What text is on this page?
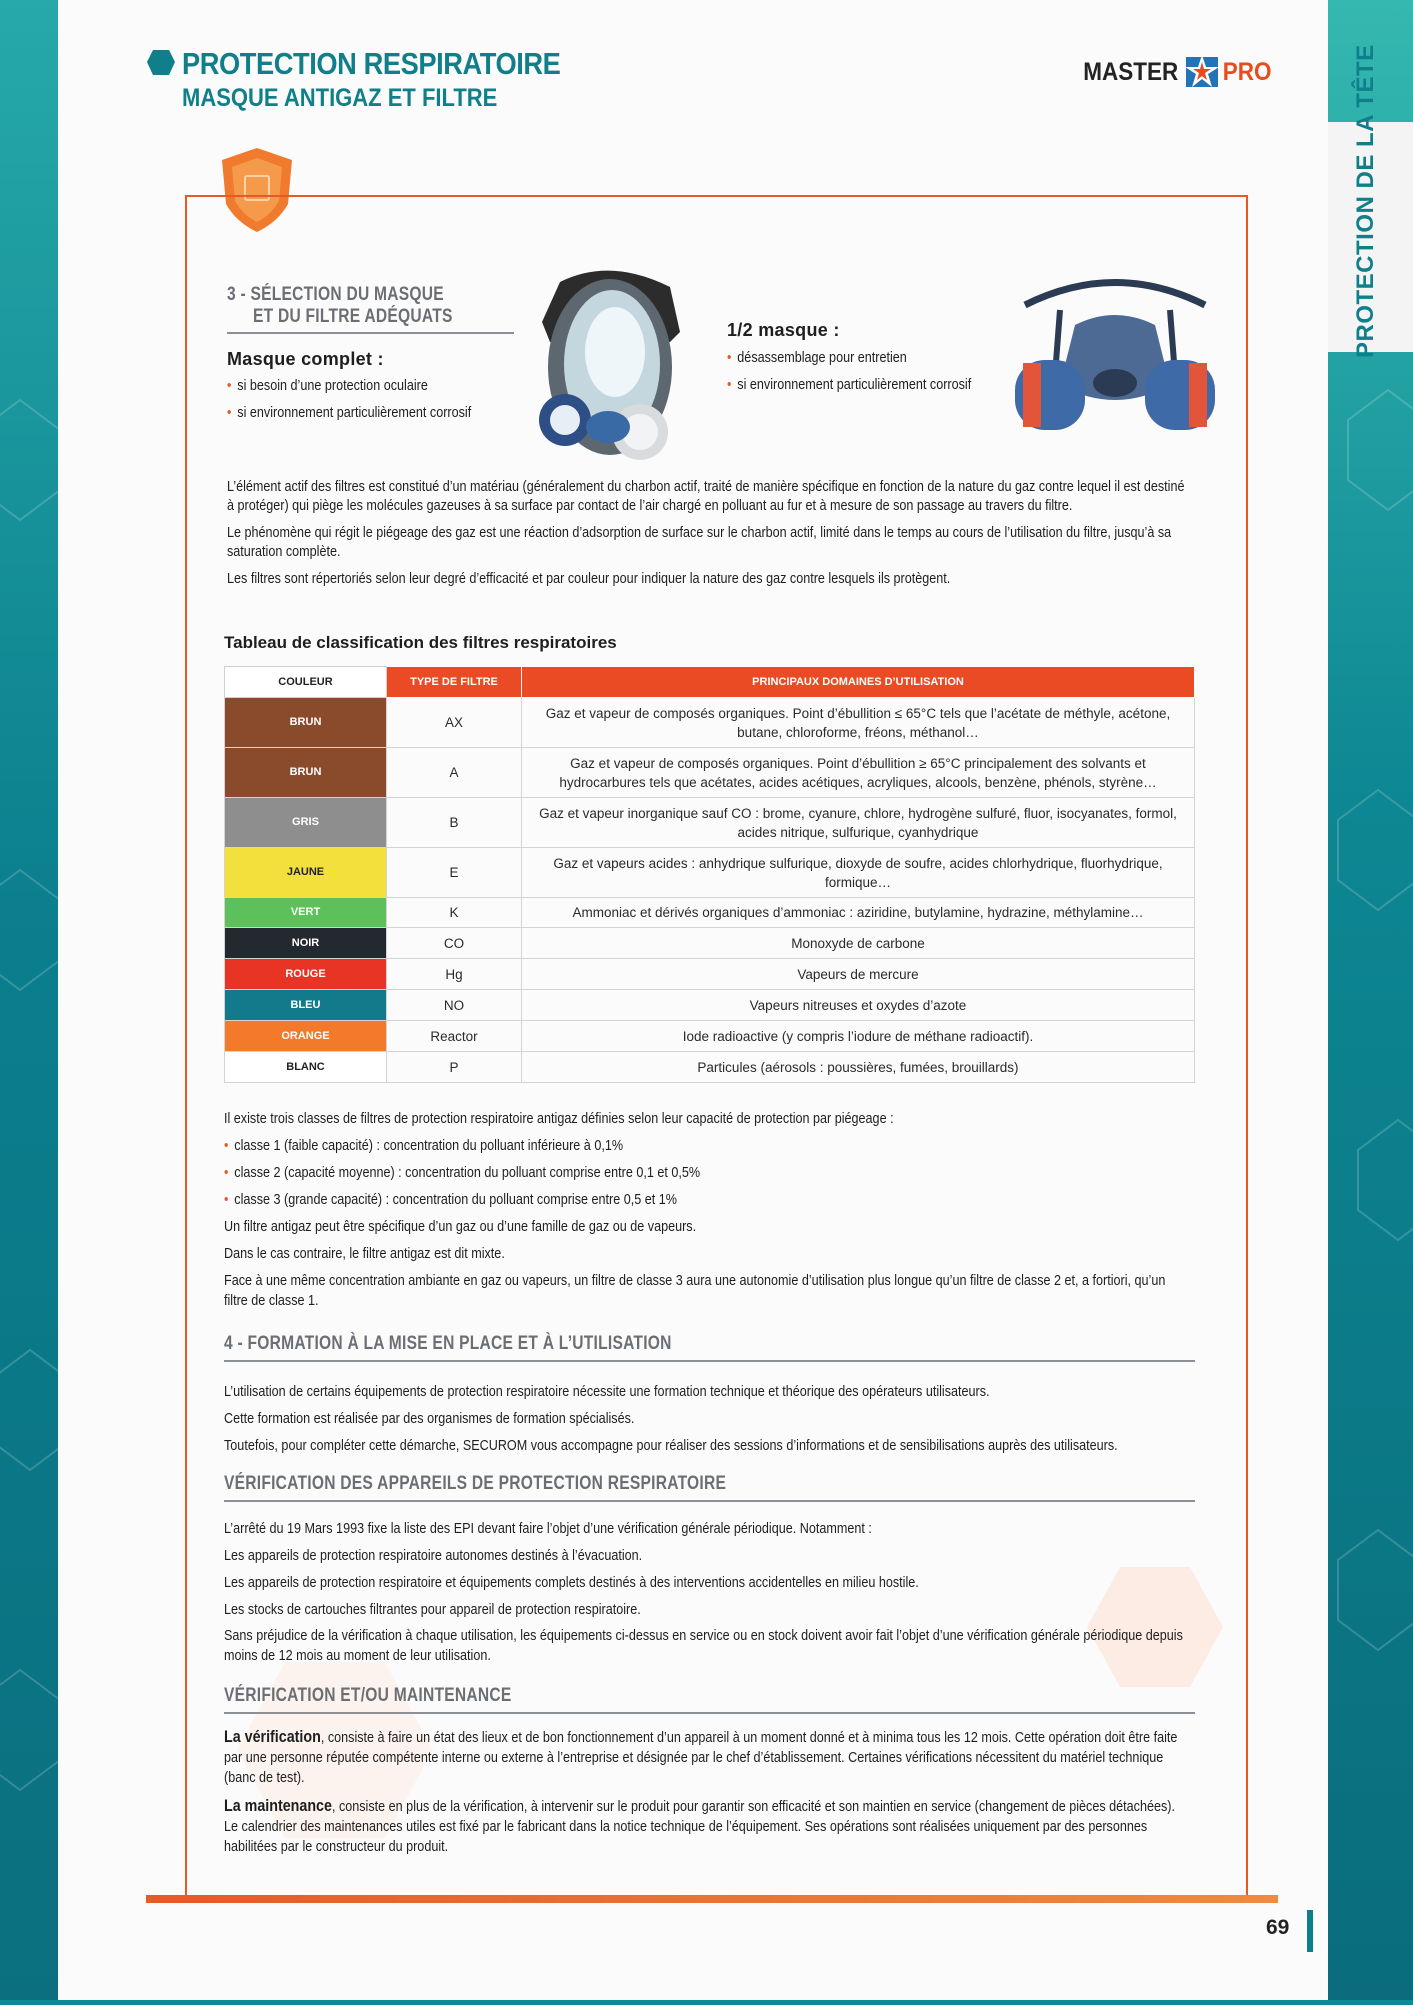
PROTECTION DE LA TÊTE
PROTECTION RESPIRATOIRE
MASQUE ANTIGAZ ET FILTRE
MASTER PRO
3 - SÉLECTION DU MASQUE
ET DU FILTRE ADÉQUATS
Masque complet :
• si besoin d’une protection oculaire
• si environnement particulièrement corrosif
1/2 masque :
• désassemblage pour entretien
• si environnement particulièrement corrosif

L’élément actif des filtres est constitué d’un matériau (généralement du charbon actif, traité de manière spécifique en fonction de la nature du gaz contre lequel il est destiné à protéger) qui piège les molécules gazeuses à sa surface par contact de l’air chargé en polluant au fur et à mesure de son passage au travers du filtre.

Le phénomène qui régit le piégeage des gaz est une réaction d’adsorption de surface sur le charbon actif, limité dans le temps au cours de l’utilisation du filtre, jusqu’à sa saturation complète.

Les filtres sont répertoriés selon leur degré d’efficacité et par couleur pour indiquer la nature des gaz contre lesquels ils protègent.

Tableau de classification des filtres respiratoires
COULEUR	TYPE DE FILTRE	PRINCIPAUX DOMAINES D’UTILISATION
BRUN	AX	Gaz et vapeur de composés organiques. Point d’ébullition ≤ 65°C tels que l’acétate de méthyle, acétone, butane, chloroforme, fréons, méthanol…
BRUN	A	Gaz et vapeur de composés organiques. Point d’ébullition ≥ 65°C principalement des solvants et hydrocarbures tels que acétates, acides acétiques, acryliques, alcools, benzène, phénols, styrène…
GRIS	B	Gaz et vapeur inorganique sauf CO : brome, cyanure, chlore, hydrogène sulfuré, fluor, isocyanates, formol, acides nitrique, sulfurique, cyanhydrique
JAUNE	E	Gaz et vapeurs acides : anhydrique sulfurique, dioxyde de soufre, acides chlorhydrique, fluorhydrique, formique…
VERT	K	Ammoniac et dérivés organiques d’ammoniac : aziridine, butylamine, hydrazine, méthylamine…
NOIR	CO	Monoxyde de carbone
ROUGE	Hg	Vapeurs de mercure
BLEU	NO	Vapeurs nitreuses et oxydes d’azote
ORANGE	Reactor	Iode radioactive (y compris l’iodure de méthane radioactif).
BLANC	P	Particules (aérosols : poussières, fumées, brouillards)
Il existe trois classes de filtres de protection respiratoire antigaz définies selon leur capacité de protection par piégeage :
• classe 1 (faible capacité) : concentration du polluant inférieure à 0,1%
• classe 2 (capacité moyenne) : concentration du polluant comprise entre 0,1 et 0,5%
• classe 3 (grande capacité) : concentration du polluant comprise entre 0,5 et 1%
Un filtre antigaz peut être spécifique d’un gaz ou d’une famille de gaz ou de vapeurs.
Dans le cas contraire, le filtre antigaz est dit mixte.
Face à une même concentration ambiante en gaz ou vapeurs, un filtre de classe 3 aura une autonomie d’utilisation plus longue qu’un filtre de classe 2 et, a fortiori, qu’un filtre de classe 1.
4 - FORMATION À LA MISE EN PLACE ET À L’UTILISATION
L’utilisation de certains équipements de protection respiratoire nécessite une formation technique et théorique des opérateurs utilisateurs.
Cette formation est réalisée par des organismes de formation spécialisés.
Toutefois, pour compléter cette démarche, SECUROM vous accompagne pour réaliser des sessions d’informations et de sensibilisations auprès des utilisateurs.
VÉRIFICATION DES APPAREILS DE PROTECTION RESPIRATOIRE
L’arrêté du 19 Mars 1993 fixe la liste des EPI devant faire l’objet d’une vérification générale périodique. Notamment :
Les appareils de protection respiratoire autonomes destinés à l’évacuation.
Les appareils de protection respiratoire et équipements complets destinés à des interventions accidentelles en milieu hostile.
Les stocks de cartouches filtrantes pour appareil de protection respiratoire.
Sans préjudice de la vérification à chaque utilisation, les équipements ci-dessus en service ou en stock doivent avoir fait l’objet d’une vérification générale périodique depuis moins de 12 mois au moment de leur utilisation.
VÉRIFICATION ET/OU MAINTENANCE

La vérification, consiste à faire un état des lieux et de bon fonctionnement d’un appareil à un moment donné et à minima tous les 12 mois. Cette opération doit être faite par une personne réputée compétente interne ou externe à l’entreprise et désignée par le chef d’établissement. Certaines vérifications nécessitent du matériel technique (banc de test).

La maintenance, consiste en plus de la vérification, à intervenir sur le produit pour garantir son efficacité et son maintien en service (changement de pièces détachées). Le calendrier des maintenances utiles est fixé par le fabricant dans la notice technique de l’équipement. Ses opérations sont réalisées uniquement par des personnes habilitées par le constructeur du produit.

69
